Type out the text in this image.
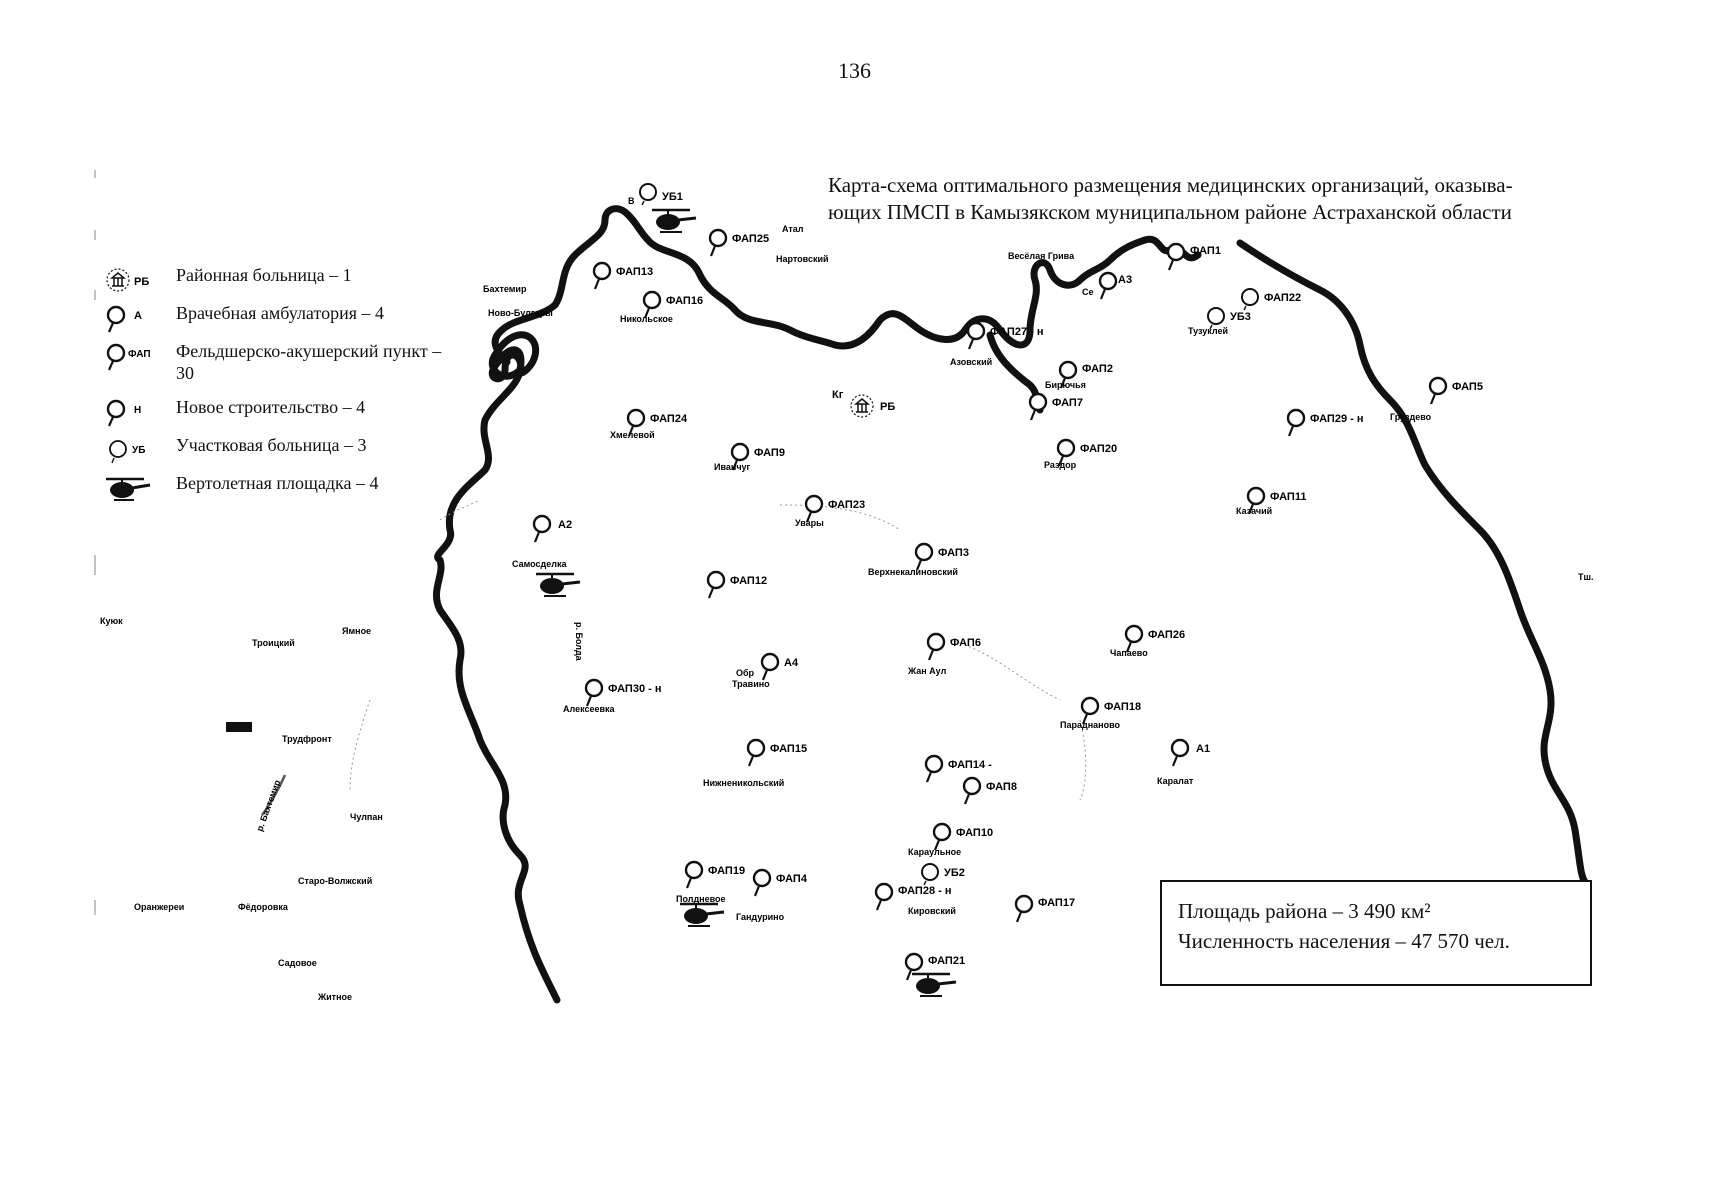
УБ1
В
ФАП25
Атал
Нартовский
ФАП13
Бахтемир
Ново-Булгары
ФАП16
Никольское
ФАП27 - н
Азовский
Весёлая Грива
А3
Се
ФАП1
ФАП22
УБ3
Тузуклей
ФАП2
Бирючья
ФАП7
РБ
Кг
ФАП5
Груздево
ФАП29 - н
ФАП24
Хмелевой
ФАП9
Иванчуг
ФАП20
Раздор
ФАП11
Казачий
ФАП23
Увары
А2
Самосделка
ФАП3
Верхнекалиновский
ФАП12
р. Болда	ФАП26
Чапаево
ФАП6
Жан Аул
А4
Обр
Травино
ФАП30 - н
Алексеевка	ФАП18
Параднаново
ФАП15
Нижненикольский
А1
Каралат
ФАП14 -
ФАП8
ФАП10
Караульное
УБ2
ФАП19
Полдневое
ФАП4
Гандурино
ФАП28 - н
Кировский
ФАП17
ФАП21
Тш.
Куюк
Троицкий
Ямное
Трудфронт
р. Бахтемир	Чулпан
Старо-Волжский
Оранжереи	Фёдоровка
Садовое
Житное
136
Карта-схема оптимального размещения медицинских организаций, оказыва-
ющих ПМСП в Камызякском муниципальном районе Астраханской области
РБ Районная больница – 1
А Врачебная амбулатория – 4
ФАП Фельдшерско-акушерский пункт – 30
Н Новое строительство – 4
УБ Участковая больница – 3
Вертолетная площадка – 4
Площадь района – 3 490 км²
Численность населения – 47 570 чел.
